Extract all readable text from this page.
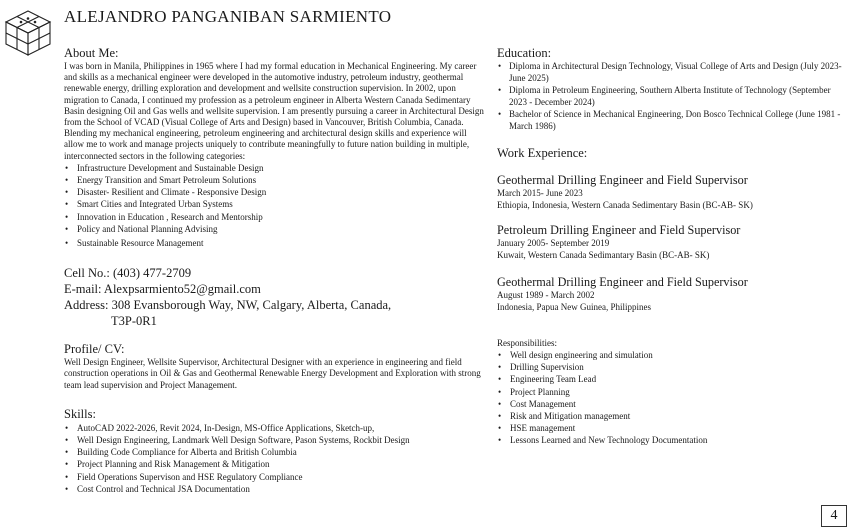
ALEJANDRO PANGANIBAN SARMIENTO
About Me:
I was born in Manila, Philippines in 1965 where I had my formal education in Mechanical Engineering. My career and skills as a mechanical engineer were developed in the automotive industry, petroleum industry, geothermal renewable energy, drilling exploration and development and wellsite construction supervision. In 2002, upon migration to Canada, I continued my profession as a petroleum engineer in Alberta Western Canada Sedimentary Basin designing Oil and Gas wells and wellsite supervision. I am presently pursuing a career in Architectural Design from the School of VCAD (Visual College of Arts and Design) based in Vancouver, British Columbia, Canada. Blending my mechanical engineering, petroleum engineering and architectural design skills and experience will allow me to work and manage projects uniquely to contribute meaningfully to future nation building in multiple, interconnected sectors in the following categories:
• Infrastructure Development and Sustainable Design
• Energy Transition and Smart Petroleum Solutions
• Disaster- Resilient and Climate - Responsive Design
• Smart Cities and Integrated Urban Systems
• Innovation in Education , Research and Mentorship
• Policy and National Planning Advising
• Sustainable Resource Management
Cell No.: (403) 477-2709
E-mail: Alexpsarmiento52@gmail.com
Address: 308 Evansborough Way, NW, Calgary, Alberta, Canada,
T3P-0R1
Profile/ CV:
Well Design Engineer, Wellsite Supervisor, Architectural Designer with an experience in engineering and field construction operations in Oil & Gas and Geothermal Renewable Energy Development and Exploration with strong team lead supervision and Project Management.
Skills:
• AutoCAD 2022-2026, Revit 2024, In-Design, MS-Office Applications, Sketch-up,
• Well Design Engineering, Landmark Well Design Software, Pason Systems, Rockbit Design
• Building Code Compliance for Alberta and British Columbia
• Project Planning and Risk Management & Mitigation
• Field Operations Supervison and HSE Regulatory Compliance
• Cost Control and Technical JSA Documentation
Education:
• Diploma in Architectural Design Technology, Visual College of Arts and Design (July 2023- June 2025)
• Diploma in Petroleum Engineering, Southern Alberta Institute of Technology (September 2023 - December 2024)
• Bachelor of Science in Mechanical Engineering, Don Bosco Technical College (June 1981 - March 1986)
Work Experience:
Geothermal Drilling Engineer and Field Supervisor
March 2015- June 2023
Ethiopia, Indonesia, Western Canada Sedimentary Basin (BC-AB- SK)
Petroleum Drilling Engineer and Field Supervisor
January 2005- September 2019
Kuwait, Western Canada Sedimantary Basin (BC-AB- SK)
Geothermal Drilling Engineer and Field Supervisor
August 1989 - March 2002
Indonesia, Papua New Guinea, Philippines
Responsibilities:
• Well design engineering and simulation
• Drilling Supervision
• Engineering Team Lead
• Project Planning
• Cost Management
• Risk and Mitigation management
• HSE management
• Lessons Learned and New Technology Documentation
4
